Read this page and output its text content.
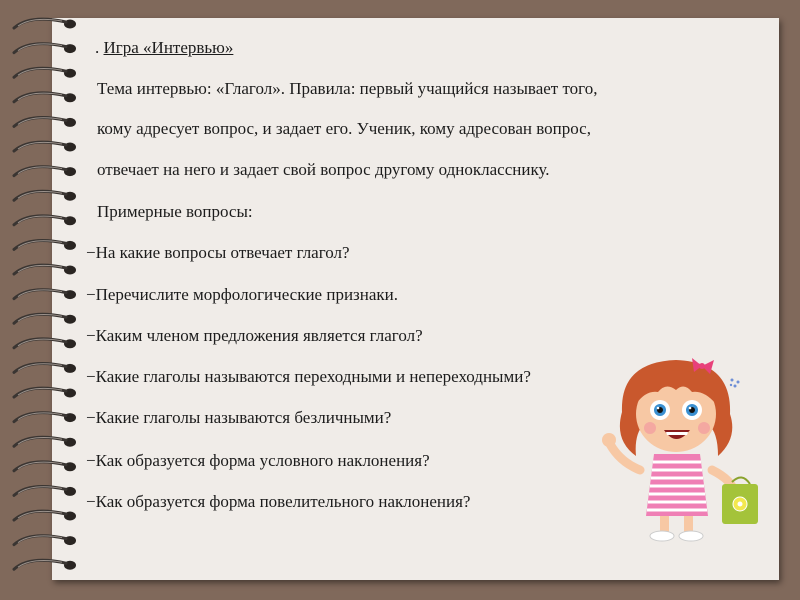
. Игра «Интервью»
Тема интервью: «Глагол». Правила: первый учащийся называет того,
кому адресует вопрос, и задает его. Ученик, кому адресован вопрос,
отвечает на него и задает свой вопрос другому однокласснику.
Примерные вопросы:
−На какие вопросы отвечает глагол?
−Перечислите морфологические признаки.
−Каким членом предложения является глагол?
−Какие глаголы называются переходными и непереходными?
−Какие глаголы называются безличными?
−Как образуется форма условного наклонения?
−Как образуется форма повелительного наклонения?
